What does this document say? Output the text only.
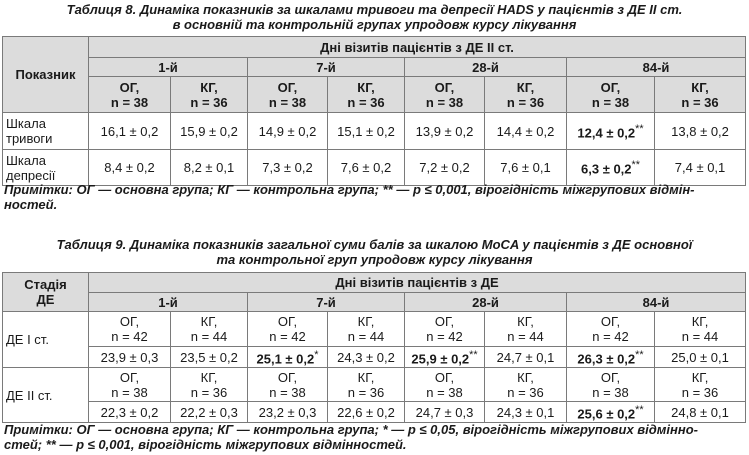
Таблиця 8. Динаміка показників за шкалами тривоги та депресії HADS у пацієнтів з ДЕ II ст.
в основній та контрольній групах упродовж курсу лікування
Показник	Дні візитів пацієнтів з ДЕ II ст.							
	1-й		7-й		28-й		84-й	
	ОГ,
n = 38	КГ,
n = 36	ОГ,
n = 38	КГ,
n = 36	ОГ,
n = 38	КГ,
n = 36	ОГ,
n = 38	КГ,
n = 36
Шкала
тривоги	16,1 ± 0,2	15,9 ± 0,2	14,9 ± 0,2	15,1 ± 0,2	13,9 ± 0,2	14,4 ± 0,2	12,4 ± 0,2**	13,8 ± 0,2
Шкала
депресії	8,4 ± 0,2	8,2 ± 0,1	7,3 ± 0,2	7,6 ± 0,2	7,2 ± 0,2	7,6 ± 0,1	6,3 ± 0,2**	7,4 ± 0,1
Примітки: ОГ — основна група; КГ — контрольна група; ** — p ≤ 0,001, вірогідність міжгрупових відмін-
ностей.
Таблиця 9. Динаміка показників загальної суми балів за шкалою MoCA у пацієнтів з ДЕ основної
та контрольної груп упродовж курсу лікування
Стадія
ДЕ	Дні візитів пацієнтів з ДЕ							
	1-й		7-й		28-й		84-й	
ДЕ I ст.	ОГ,
n = 42	КГ,
n = 44	ОГ,
n = 42	КГ,
n = 44	ОГ,
n = 42	КГ,
n = 44	ОГ,
n = 42	КГ,
n = 44
	23,9 ± 0,3	23,5 ± 0,2	25,1 ± 0,2*	24,3 ± 0,2	25,9 ± 0,2**	24,7 ± 0,1	26,3 ± 0,2**	25,0 ± 0,1
ДЕ II ст.	ОГ,
n = 38	КГ,
n = 36	ОГ,
n = 38	КГ,
n = 36	ОГ,
n = 38	КГ,
n = 36	ОГ,
n = 38	КГ,
n = 36
	22,3 ± 0,2	22,2 ± 0,3	23,2 ± 0,3	22,6 ± 0,2	24,7 ± 0,3	24,3 ± 0,1	25,6 ± 0,2**	24,8 ± 0,1
Примітки: ОГ — основна група; КГ — контрольна група; * — p ≤ 0,05, вірогідність міжгрупових відмінно-
стей; ** — p ≤ 0,001, вірогідність міжгрупових відмінностей.
